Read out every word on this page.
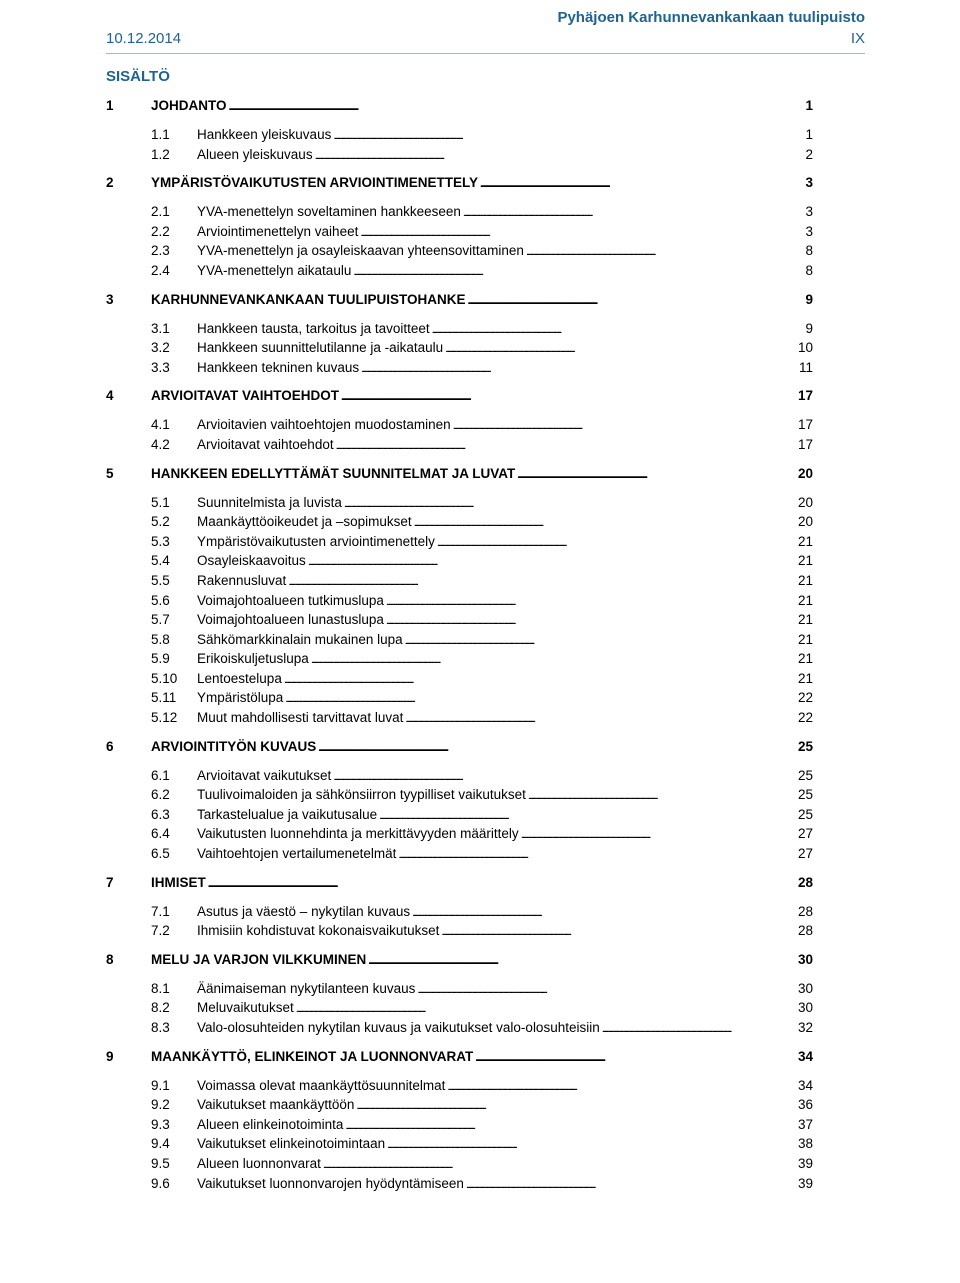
Pyhäjoen Karhunnevankankaan tuulipuisto
10.12.2014	IX
SISÄLTÖ
1	JOHDANTO . . .	1
1.1	Hankkeen yleiskuvaus . . .	1
1.2	Alueen yleiskuvaus . . .	2
2	YMPÄRISTÖVAIKUTUSTEN ARVIOINTIMENETTELY . . .	3
2.1	YVA-menettelyn soveltaminen hankkeeseen . . .	3
2.2	Arviointimenettelyn vaiheet . . .	3
2.3	YVA-menettelyn ja osayleiskaavan yhteensovittaminen . . .	8
2.4	YVA-menettelyn aikataulu . . .	8
3	KARHUNNEVANKANKAAN TUULIPUISTOHANKE . . .	9
3.1	Hankkeen tausta, tarkoitus ja tavoitteet . . .	9
3.2	Hankkeen suunnittelutilanne ja -aikataulu . . .	10
3.3	Hankkeen tekninen kuvaus . . .	11
4	ARVIOITAVAT VAIHTOEHDOT . . .	17
4.1	Arvioitavien vaihtoehtojen muodostaminen . . .	17
4.2	Arvioitavat vaihtoehdot . . .	17
5	HANKKEEN EDELLYTTÄMÄT SUUNNITELMAT JA LUVAT . . .	20
5.1	Suunnitelmista ja luvista . . .	20
5.2	Maankäyttöoikeudet ja –sopimukset . . .	20
5.3	Ympäristövaikutusten arviointimenettely . . .	21
5.4	Osayleiskaavoitus . . .	21
5.5	Rakennusluvat . . .	21
5.6	Voimajohtoalueen tutkimuslupa . . .	21
5.7	Voimajohtoalueen lunastuslupa . . .	21
5.8	Sähkömarkkinalain mukainen lupa . . .	21
5.9	Erikoiskuljetuslupa . . .	21
5.10	Lentoestelupa . . .	21
5.11	Ympäristölupa . . .	22
5.12	Muut mahdollisesti tarvittavat luvat . . .	22
6	ARVIOINTITYÖN KUVAUS . . .	25
6.1	Arvioitavat vaikutukset . . .	25
6.2	Tuulivoimaloiden ja sähkönsiirron tyypilliset vaikutukset . . .	25
6.3	Tarkastelualue ja vaikutusalue . . .	25
6.4	Vaikutusten luonnehdinta ja merkittävyyden määrittely . . .	27
6.5	Vaihtoehtojen vertailumenetelmät . . .	27
7	IHMISET . . .	28
7.1	Asutus ja väestö – nykytilan kuvaus . . .	28
7.2	Ihmisiin kohdistuvat kokonaisvaikutukset . . .	28
8	MELU JA VARJON VILKKUMINEN . . .	30
8.1	Äänimaiseman nykytilanteen kuvaus . . .	30
8.2	Meluvaikutukset . . .	30
8.3	Valo-olosuhteiden nykytilan kuvaus ja vaikutukset valo-olosuhteisiin . . .	32
9	MAANKÄYTTÖ, ELINKEINOT JA LUONNONVARAT . . .	34
9.1	Voimassa olevat maankäyttösuunnitelmat . . .	34
9.2	Vaikutukset maankäyttöön . . .	36
9.3	Alueen elinkeinotoiminta . . .	37
9.4	Vaikutukset elinkeinotoimintaan . . .	38
9.5	Alueen luonnonvarat . . .	39
9.6	Vaikutukset luonnonvarojen hyödyntämiseen . . .	39
